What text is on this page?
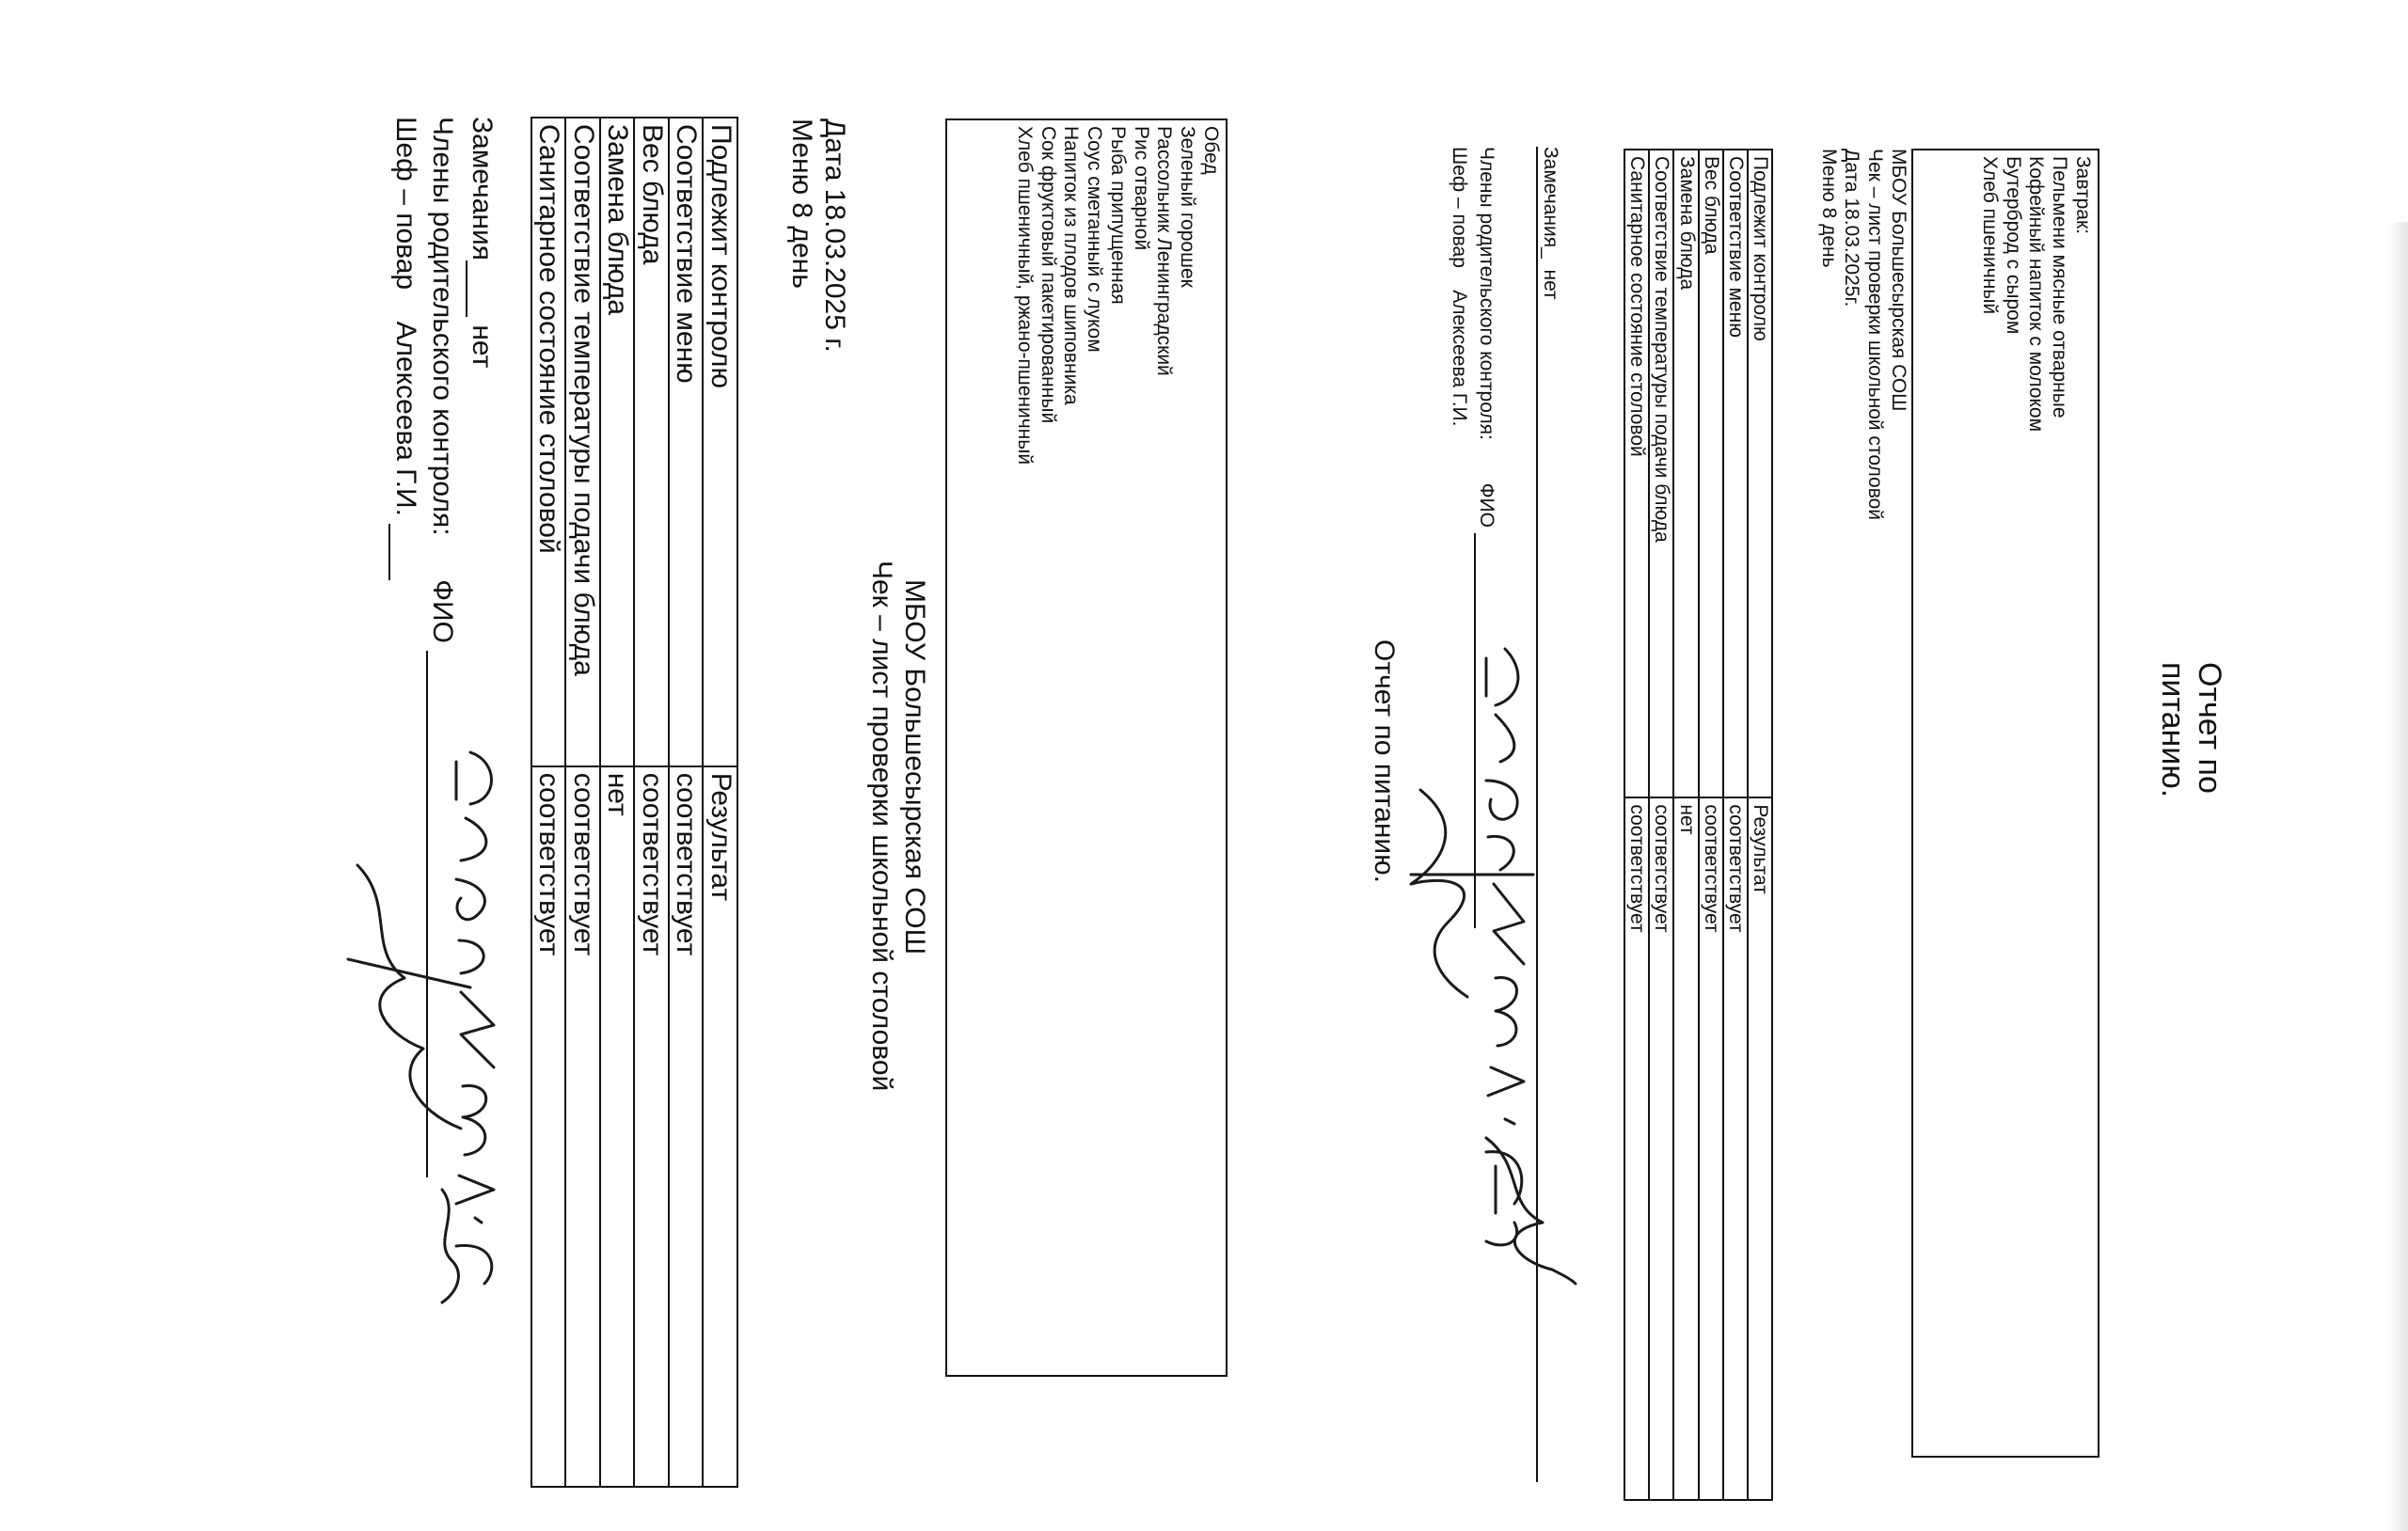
Отчет по питанию.
Завтрак:
Пельмени мясные отварные
Кофейный напиток с молоком
Бутерброд с сыром
Хлеб пшеничный
МБОУ Большесырская СОШ
Чек – лист проверки школьной столовой
Дата 18.03.2025г.
Меню 8 день
Отчет по питанию.
Подлежит контролю	Результат
Соответствие меню	соответствует
Вес блюда	соответствует
Замена блюда	нет
Соответствие температуры подачи блюда	соответствует
Санитарное состояние столовой	соответствует
Замечания_  нет
Члены родительского контроля:  ФИО
Шеф – повар    Алексеева Г.И.
Обед
Зеленый горошек
Рассольник Ленинградский
Рис отварной
Рыба припущенная
Соус сметанный с луком
Напиток из плодов шиповника
Сок фруктовый пакетированный
Хлеб пшеничный, ржано-пшеничный
МБОУ Большесырская СОШ
Чек – лист проверки школьной столовой
Дата 18.03.2025 г.
Меню 8 день
Подлежит контролю	Результат
Соответствие меню	соответствует
Вес блюда	соответствует
Замена блюда	нет
Соответствие температуры подачи блюда	соответствует
Санитарное состояние столовой	соответствует
Замечания нет
Члены родительского контроля:  ФИО
Шеф – повар    Алексеева Г.И.
